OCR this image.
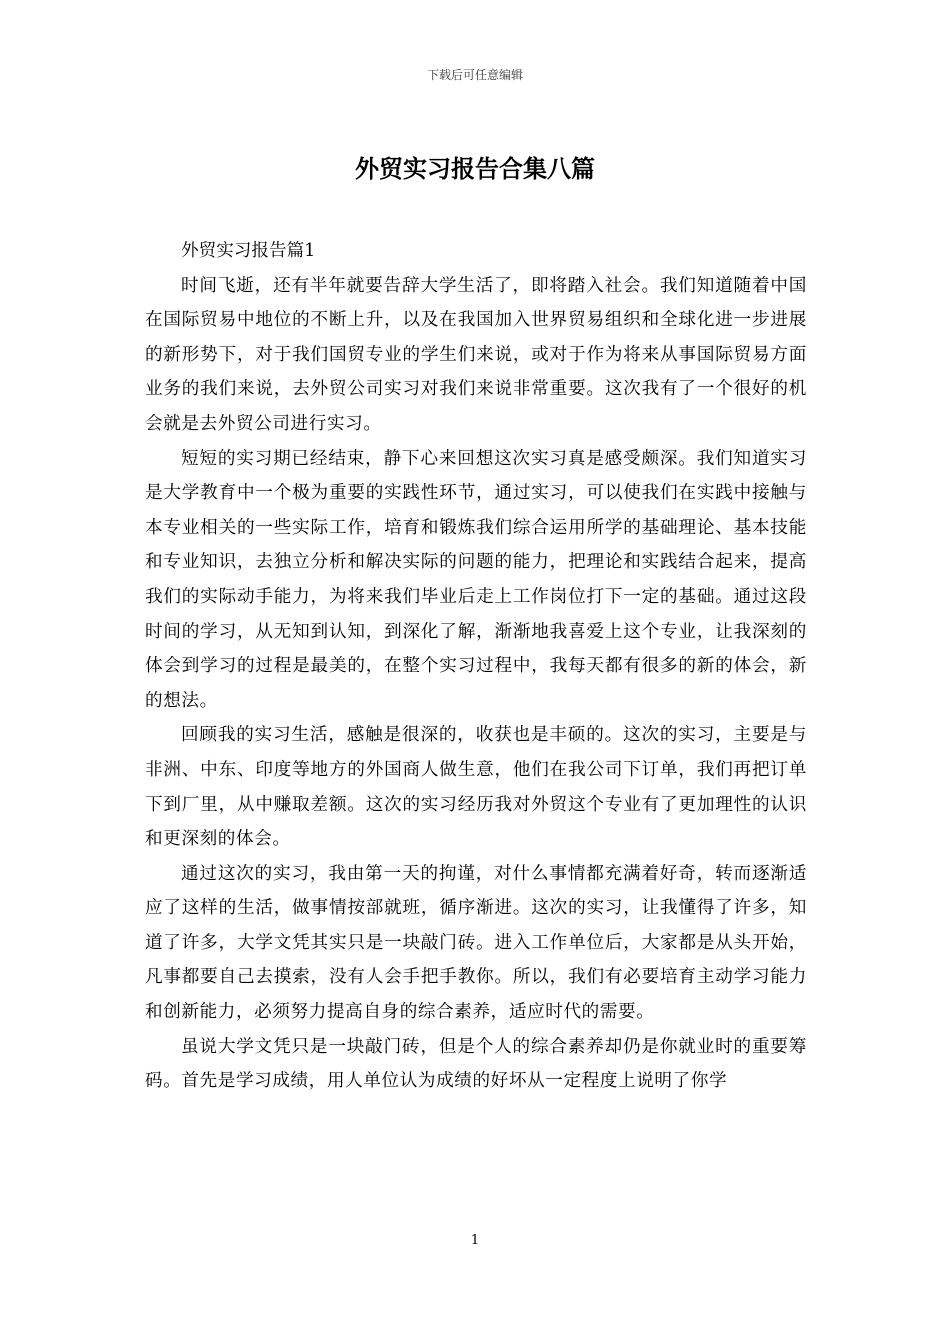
下载后可任意编辑
外贸实习报告合集八篇

外贸实习报告篇1

时间飞逝，还有半年就要告辞大学生活了，即将踏入社会。我们知道随着中国在国际贸易中地位的不断上升，以及在我国加入世界贸易组织和全球化进一步进展的新形势下，对于我们国贸专业的学生们来说，或对于作为将来从事国际贸易方面业务的我们来说，去外贸公司实习对我们来说非常重要。这次我有了一个很好的机会就是去外贸公司进行实习。

短短的实习期已经结束，静下心来回想这次实习真是感受颇深。我们知道实习是大学教育中一个极为重要的实践性环节，通过实习，可以使我们在实践中接触与本专业相关的一些实际工作，培育和锻炼我们综合运用所学的基础理论、基本技能和专业知识，去独立分析和解决实际的问题的能力，把理论和实践结合起来，提高我们的实际动手能力，为将来我们毕业后走上工作岗位打下一定的基础。通过这段时间的学习，从无知到认知，到深化了解，渐渐地我喜爱上这个专业，让我深刻的体会到学习的过程是最美的，在整个实习过程中，我每天都有很多的新的体会，新的想法。

回顾我的实习生活，感触是很深的，收获也是丰硕的。这次的实习，主要是与非洲、中东、印度等地方的外国商人做生意，他们在我公司下订单，我们再把订单下到厂里，从中赚取差额。这次的实习经历我对外贸这个专业有了更加理性的认识和更深刻的体会。

通过这次的实习，我由第一天的拘谨，对什么事情都充满着好奇，转而逐渐适应了这样的生活，做事情按部就班，循序渐进。这次的实习，让我懂得了许多，知道了许多，大学文凭其实只是一块敲门砖。进入工作单位后，大家都是从头开始，凡事都要自己去摸索，没有人会手把手教你。所以，我们有必要培育主动学习能力和创新能力，必须努力提高自身的综合素养，适应时代的需要。

虽说大学文凭只是一块敲门砖，但是个人的综合素养却仍是你就业时的重要筹码。首先是学习成绩，用人单位认为成绩的好坏从一定程度上说明了你学

1
